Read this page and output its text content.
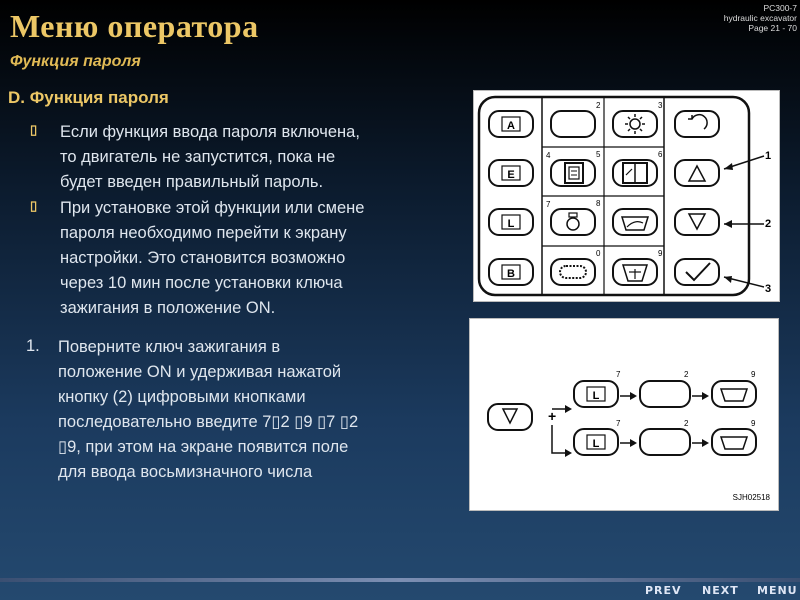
Меню оператора
Функция пароля
PC300-7
hydraulic excavator
Page 21 - 70
D. Функция пароля
▯ Если функция ввода пароля включена,
то двигатель не запустится, пока не
будет введен правильный пароль.
▯ При установке этой функции или смене
пароля необходимо перейти к экрану
настройки. Это становится возможно
через 10 мин после установки ключа
зажигания в положение ON.
1. Поверните ключ зажигания в
положение ON и удерживая нажатой
кнопку (2) цифровыми кнопками
последовательно введите 7▯2 ▯9 ▯7 ▯2
▯9, при этом на экране появится поле
для ввода восьмизначного числа
A
E
L
B
2	3
4	5	6
7	8
0	9
1
2
3
+
L
7	2	9
L
7	2	9
SJH02518
PREV NEXT MENU
